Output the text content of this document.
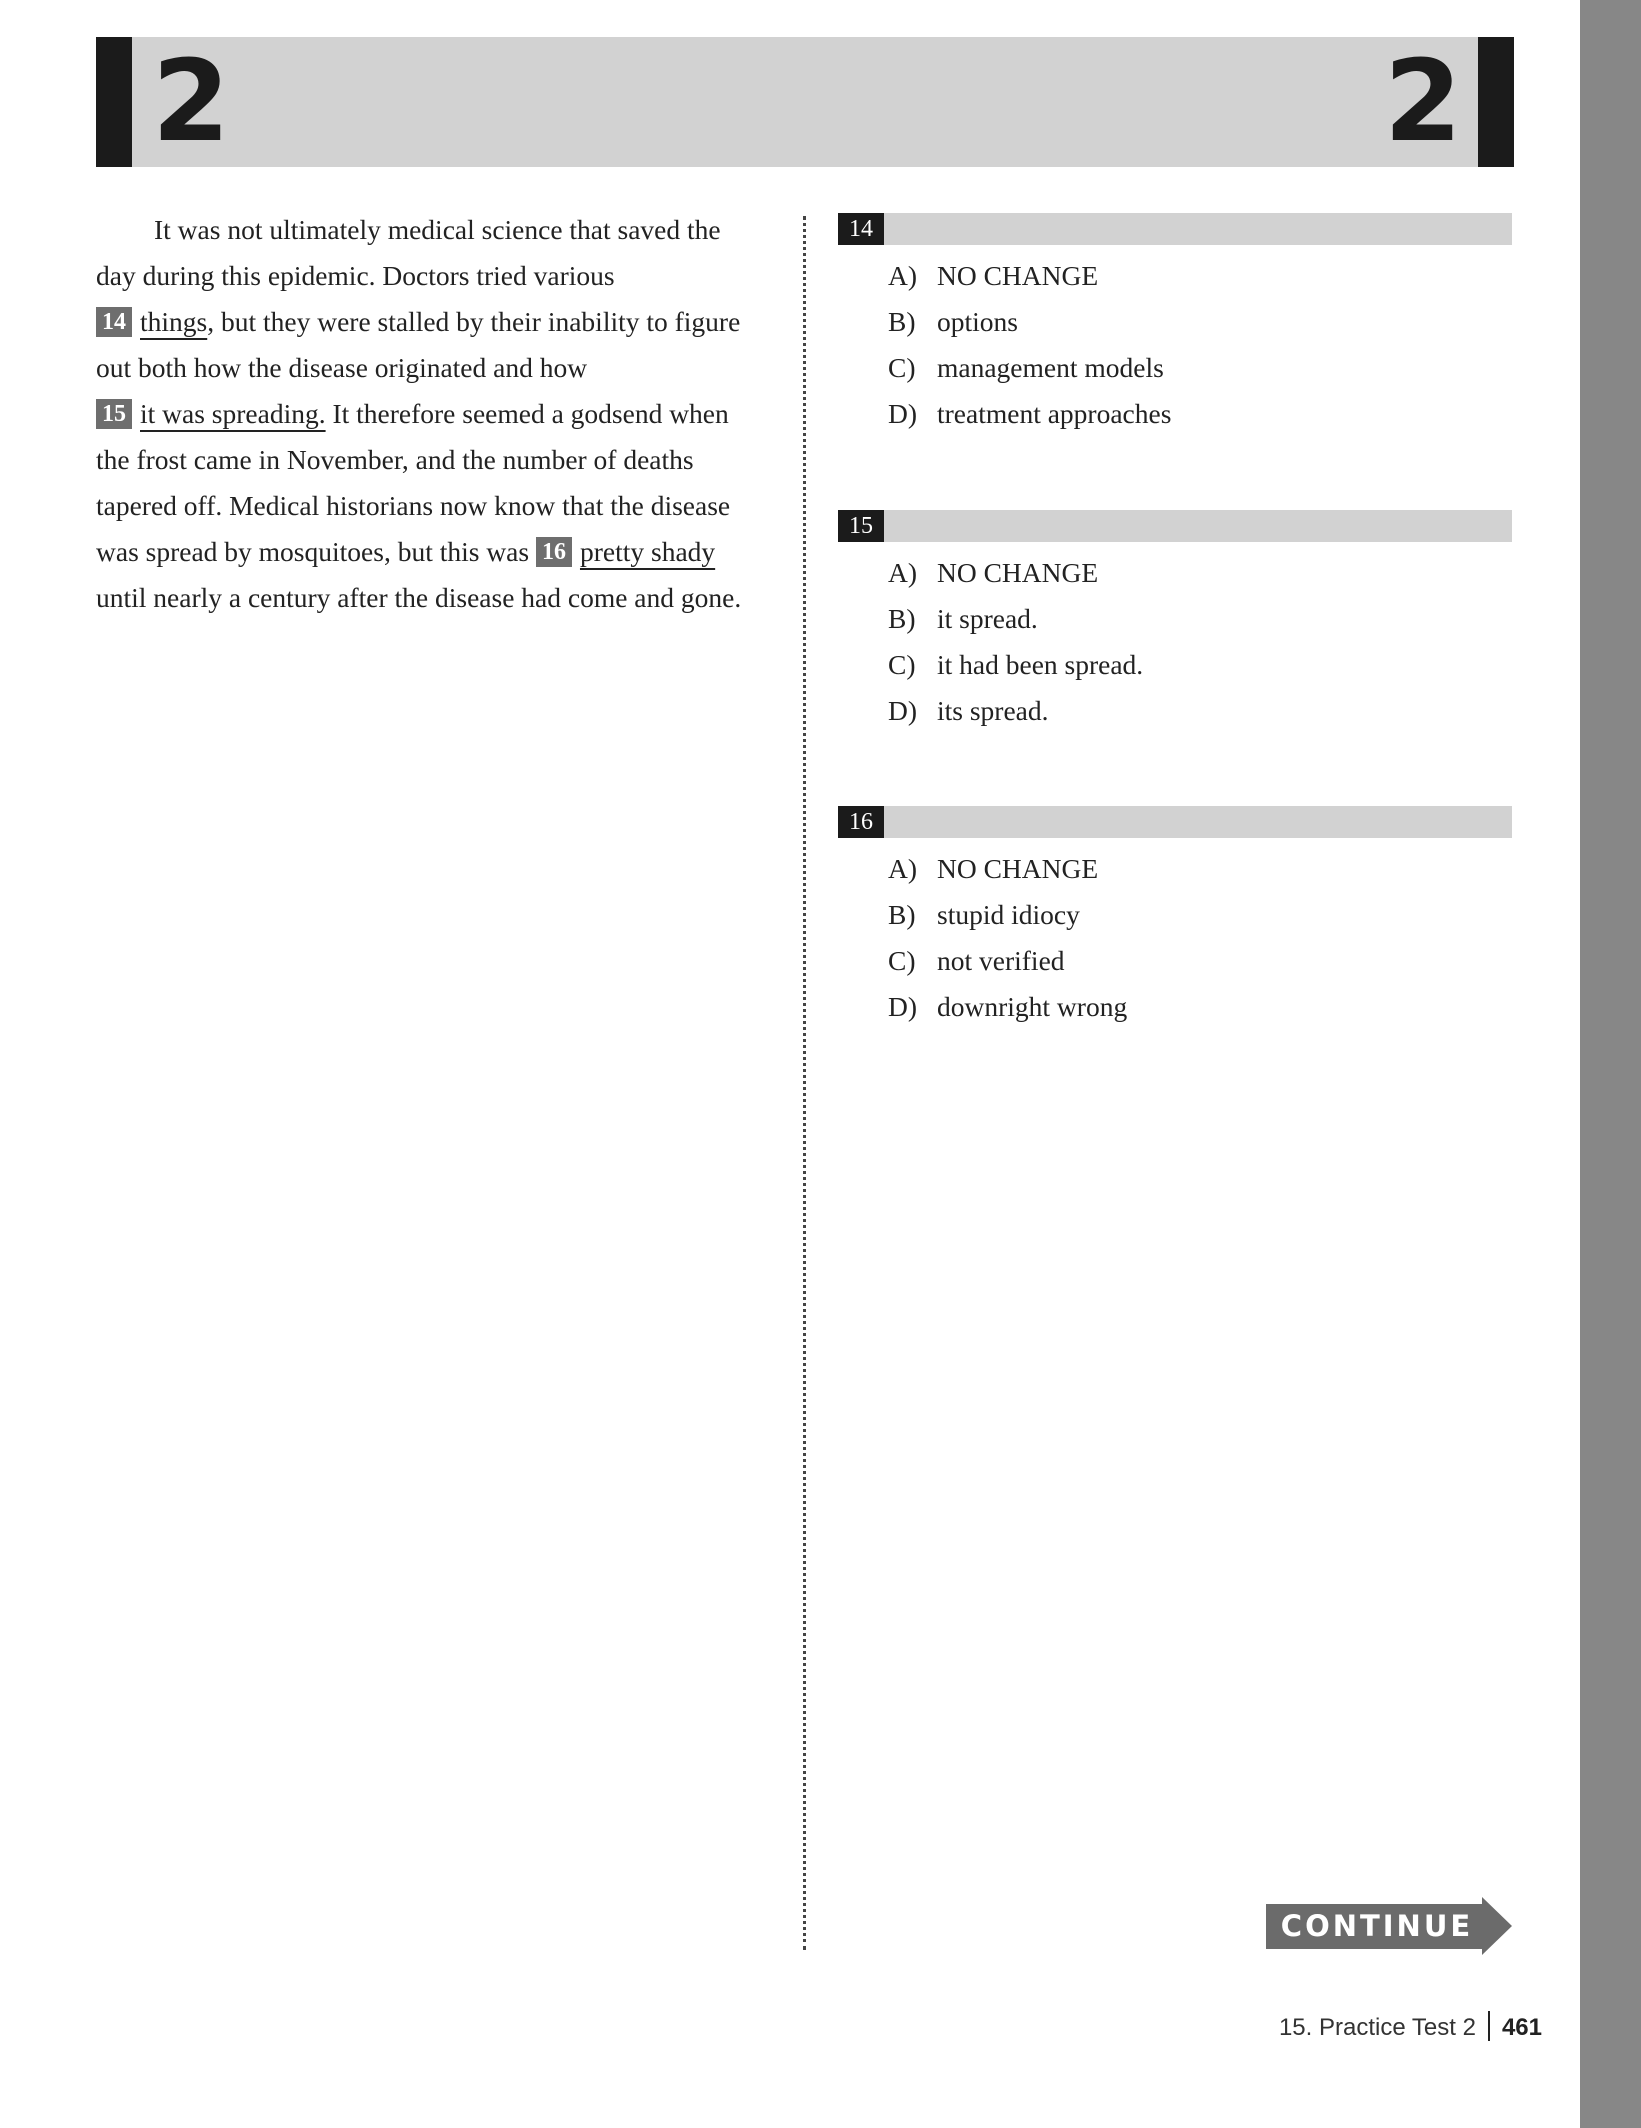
2	2
It was not ultimately medical science that saved the
day during this epidemic. Doctors tried various
14 things, but they were stalled by their inability to figure
out both how the disease originated and how
15 it was spreading. It therefore seemed a godsend when
the frost came in November, and the number of deaths
tapered off. Medical historians now know that the disease
was spread by mosquitoes, but this was 16 pretty shady
until nearly a century after the disease had come and gone.
14
A) NO CHANGE
B) options
C) management models
D) treatment approaches
15
A) NO CHANGE
B) it spread.
C) it had been spread.
D) its spread.
16
A) NO CHANGE
B) stupid idiocy
C) not verified
D) downright wrong
CONTINUE
15. Practice Test 2 461
